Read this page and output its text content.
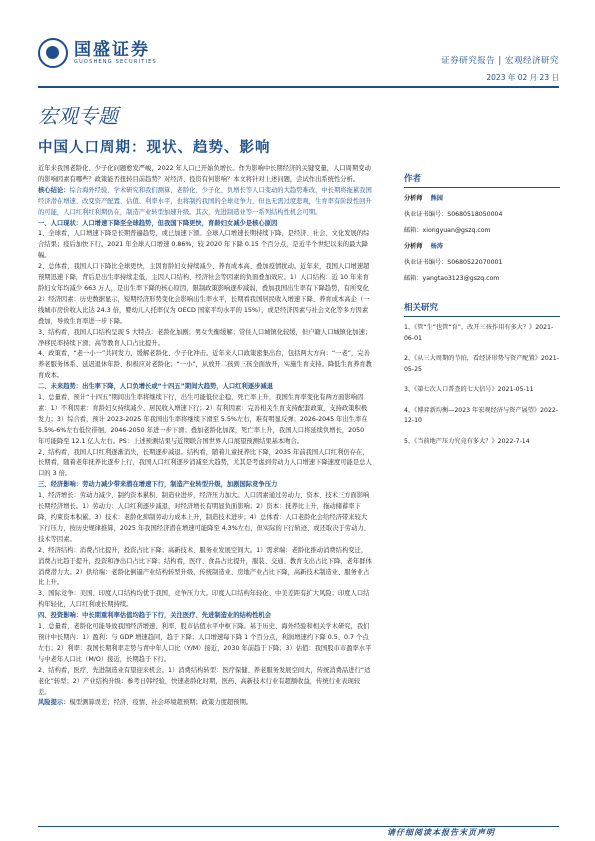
国盛证券
GUOSHENG SECURITIES	证券研究报告 | 宏观经济研究
2023 年 02 月 23 日
宏观专题
中国人口周期：现状、趋势、影响

近年来我国老龄化、少子化问题愈发严峻，2022 年人口已开始负增长。作为影响中长期经济的关键变量，人口周期变动的影响因素有哪些？政策能否扭转目前趋势？对经济、投资有何影响？本文将针对上述问题，尝试作出系统性分析。

核心结论：综合海外经验、学术研究和我们测算，老龄化、少子化、负增长等人口变动的大趋势难改，中长期将拖累我国经济潜在增速、改变资产配置、估值、利率水平，也将制约我国的全球竞争力，但也无需过度悲观，生育率有阶段性回升的可能，人口红利红利期仍在，制造产业转型加速升级。其次，先进制造业等一系列结构性机会可期。

一、人口现状：人口增速下降至全球趋势，但我国下降更快，育龄妇女减少是核心原因

1、全球看，人口增速下降是长期普遍趋势，或已加速下滑。全球人口增速长期持续下降，是经济、社会、文化发展的综合结果；疫后加快下行。2021 年全球人口增速 0.86%，较 2020 年下降 0.15 个百分点，是近半个世纪以来的最大降幅。

2、总体看，我国人口下降比全球更快，主因育龄妇女持续减少、养育成本高、叠加疫情扰动。近年来，我国人口增速超预期迅速下降，背后是出生率持续走低，主因人口结构、经济社会等因素的负面叠加效应。1）人口结构：近 10 年来育龄妇女年均减少 663 万人，是出生率下降的核心原因，限制政策影响逐步减弱，叠加我国出生率有下降趋势，有所变化2）经济因素：历史数据显示，短期经济形势变化会影响出生率水平，长期看我国居民收入增速下降、养育成本高企（一线城市房价收入比达 24.3 倍，婴幼儿人托率仅为 OECD 国家平均水平的 15%），或是经济因素与社会文化等多方因素叠加，导致生育率进一步下降。

3、结构看，我国人口结构呈现 5 大特点：老龄化加剧；男女失衡缓解；常住人口城镇化较缓，但户籍人口城镇化加速；净移民率持续下滑；高等教育人口占比提升。

4、政策看，“老一小一”共同发力，缓解老龄化、少子化冲击。近年来人口政策密集出台，包括两大方向：“一老”，完善养老服务体系、延迟退休年龄、积极应对老龄化；“一小”，从放开二孩到三孩全面放开，实施生育支持。降低生育养育教育成本。

二、未来趋势：出生率下降，人口负增长或“十四五”期间大趋势，人口红利逐步减退

1、总量看，预计“十四五”期间出生率将继续下行，出生可能低位企稳，死亡率上升，我国生育率变化有两方面影响因素：1）不利因素：育龄妇女持续减少、居民收入增速下行；2）有利因素：完善相关生育支持配套政策，支持政策积极发力；3）综合看，预计 2023-2025 年我国出生率将继续下滑至 5.5%左右，难有明显反弹；2026-2045 年出生率在 5.5%-6%左右低位徘徊，2046-2050 年进一步下滑；叠加老龄化加深，死亡率上升，我国人口将延续负增长，2050 年可能降至 12.1 亿人左右。PS：上述预测结果与近期联合国世界人口展望预测结果基本吻合。

2、结构看，我国人口红利逐渐消失，长期逐步减退。结构看，随着儿童抚养比下降，2035 年前我国人口红利仍存在，长期看，随着老年抚养比逐步上行，我国人口红利逐步消减至大趋势，尤其是考虑到劳动力人口增速下降速度可能是总人口的 3 倍。

三、经济影响：劳动力减少带来潜在增速下行，制造产业转型升级，加剧国际竞争压力

1、经济增长：劳动力减少、制约资本累积、制造业进步，经济压力加大。人口因素通过劳动力、资本、技术三方面影响长期经济增长。1）劳动力：人口红利逐步减退，对经济增长有明显负面影响；2）资本：抚养比上升，拖动储蓄率下降，约束资本积累。3）技术：老龄化抑制劳动力成本上升，制造技术进步；4）总体看：人口老龄化会给经济带来较大下行压力，按历史规律推算，2025 年我国经济潜在增速可能降至 4.3%左右，但实际的下行轨迹、或还取决于劳动力、技术等因素。

2、经济结构：消费占比提升，投资占比下降；高新技术、服务业发展空间大。1）需求端：老龄化推动消费结构变迁，消费占比趋于提升，投资和净出口占比下降；结构看，医疗、食品占比提升，服装、交通、教育支出占比下降，老年群体消费潜力大。2）供给端：老龄化倒逼产业结构转型升级，传统制造业、房地产业占比下降，高新技术制造业、服务业占比上升。

3、国际竞争：美国、印度人口结构均优于我国，竞争压力大。印度人口结构年轻化、中美差距有扩大风险；印度人口结构年轻化，人口红利或长期持续。

四、投资影响：中长期重利率估值均趋于下行，关注医疗、先进制造业的结构性机会

1、总量看，老龄化可能导致我国经济增速、利率、股市估值水平中枢下降。基于历史、海外经验和相关学术研究，我们预计中长期内：1）盈利：与 GDP 增速趋同，趋于下降；人口增速每下降 1 个百分点，利润增速约下降 0.5、0.7 个点左右；2）利率：我国长期利率走势与青中年人口比（Y/M）接近，2030 年前趋于下降；3）估值：我国股市市盈率水平与中老年人口比（M/O）接近，长期趋于下行。

2、结构看，医疗、先进制造业有望迎来机会。1）消费结构转型：医疗保健、养老服务发展空间大，传统消费品进行“适老化”转型；2）产业结构升级：参考日韩经验，快速老龄化时期，医药、高新技术行业有超额收益，传统行业表现较差。

风险提示：模型测算误差；经济、疫情、社会环境超预期；政策力度超预期。

作者

分析师 熊园

执业证书编号：S0680518050004

邮箱：xiongyuan@gszq.com

分析师 杨涛

执业证书编号：S0680522070001

邮箱：yangtao3123@gszq.com

相关研究
1、《管“生”也管“育”，改开三孩作用有多大？》2021-06-01
2、《从三大周期的节拍，看经济形势与资产配置》2021-05-25
3、《第七次人口普查的七大信号》2021-05-11
4、《博弈新均衡—2023 年宏观经济与资产展望》2022-12-10
5、《当前地产压力究竟有多大？》2022-7-14
请仔细阅读本报告末页声明
